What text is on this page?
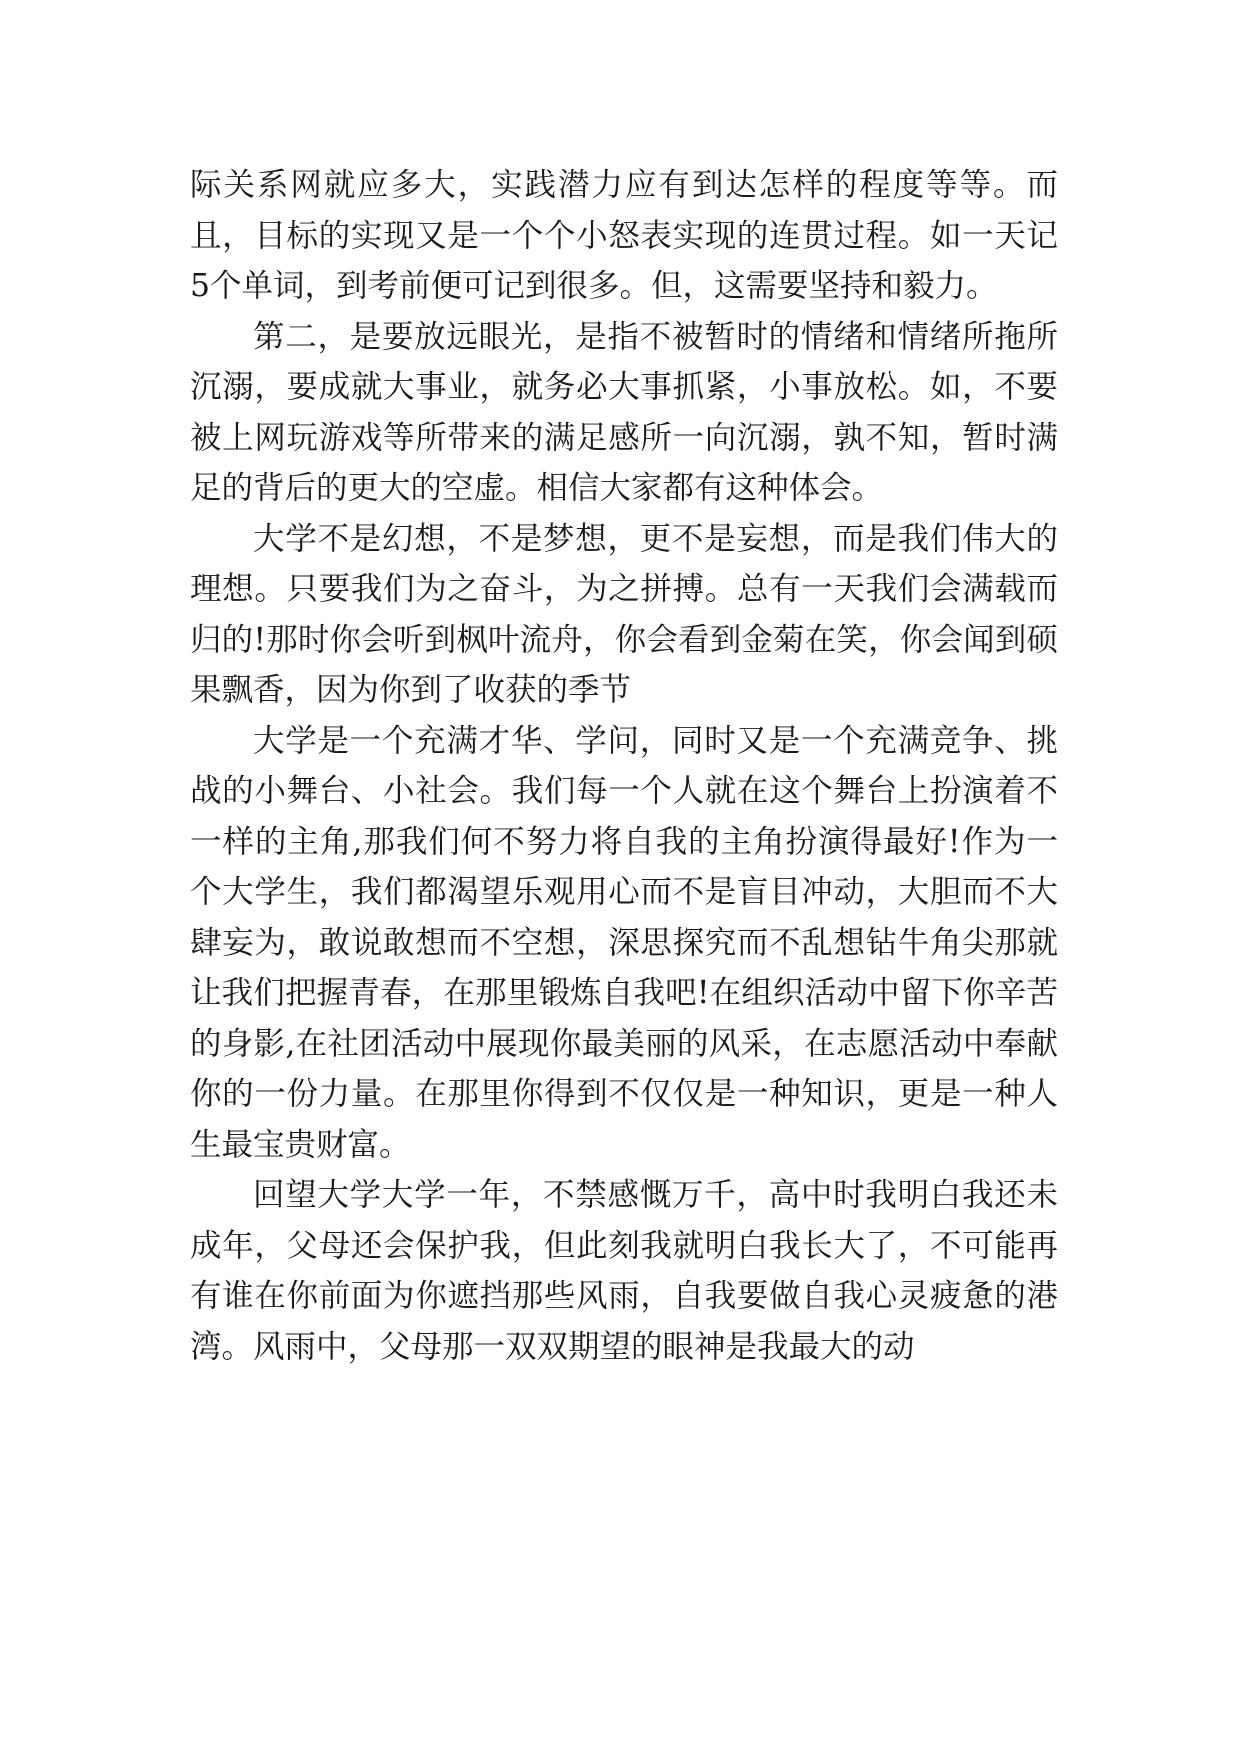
际关系网就应多大，实践潜力应有到达怎样的程度等等。而且，目标的实现又是一个个小怒表实现的连贯过程。如一天记5个单词，到考前便可记到很多。但，这需要坚持和毅力。

第二，是要放远眼光，是指不被暂时的情绪和情绪所拖所沉溺，要成就大事业，就务必大事抓紧，小事放松。如，不要被上网玩游戏等所带来的满足感所一向沉溺，孰不知，暂时满足的背后的更大的空虚。相信大家都有这种体会。

大学不是幻想，不是梦想，更不是妄想，而是我们伟大的理想。只要我们为之奋斗，为之拼搏。总有一天我们会满载而归的!那时你会听到枫叶流舟，你会看到金菊在笑，你会闻到硕果飘香，因为你到了收获的季节

大学是一个充满才华、学问，同时又是一个充满竞争、挑战的小舞台、小社会。我们每一个人就在这个舞台上扮演着不一样的主角,那我们何不努力将自我的主角扮演得最好!作为一个大学生，我们都渴望乐观用心而不是盲目冲动，大胆而不大肆妄为，敢说敢想而不空想，深思探究而不乱想钻牛角尖那就让我们把握青春，在那里锻炼自我吧!在组织活动中留下你辛苦的身影,在社团活动中展现你最美丽的风采，在志愿活动中奉献你的一份力量。在那里你得到不仅仅是一种知识，更是一种人生最宝贵财富。

回望大学大学一年，不禁感慨万千，高中时我明白我还未成年，父母还会保护我，但此刻我就明白我长大了，不可能再有谁在你前面为你遮挡那些风雨，自我要做自我心灵疲惫的港湾。风雨中，父母那一双双期望的眼神是我最大的动
